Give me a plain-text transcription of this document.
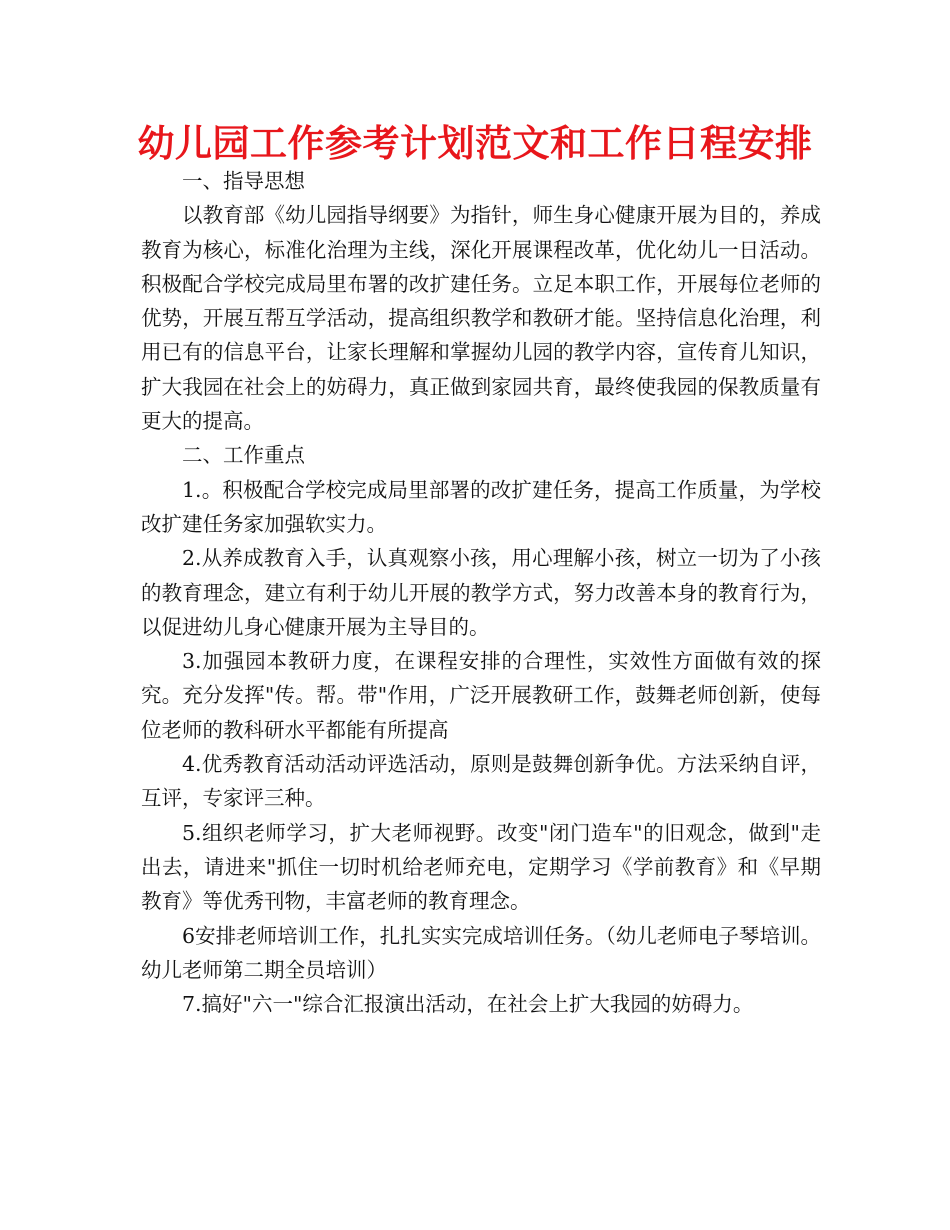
幼儿园工作参考计划范文和工作日程安排

一、指导思想

以教育部《幼儿园指导纲要》为指针，师生身心健康开展为目的，养成教育为核心，标准化治理为主线，深化开展课程改革，优化幼儿一日活动。积极配合学校完成局里布署的改扩建任务。立足本职工作，开展每位老师的优势，开展互帮互学活动，提高组织教学和教研才能。坚持信息化治理，利用已有的信息平台，让家长理解和掌握幼儿园的教学内容，宣传育儿知识，扩大我园在社会上的妨碍力，真正做到家园共育，最终使我园的保教质量有更大的提高。

二、工作重点

1.。积极配合学校完成局里部署的改扩建任务，提高工作质量，为学校改扩建任务家加强软实力。

2.从养成教育入手，认真观察小孩，用心理解小孩，树立一切为了小孩的教育理念，建立有利于幼儿开展的教学方式，努力改善本身的教育行为，以促进幼儿身心健康开展为主导目的。

3.加强园本教研力度，在课程安排的合理性，实效性方面做有效的探究。充分发挥"传。帮。带"作用，广泛开展教研工作，鼓舞老师创新，使每位老师的教科研水平都能有所提高

4.优秀教育活动活动评选活动，原则是鼓舞创新争优。方法采纳自评，互评，专家评三种。

5.组织老师学习，扩大老师视野。改变"闭门造车"的旧观念，做到"走出去，请进来"抓住一切时机给老师充电，定期学习《学前教育》和《早期教育》等优秀刊物，丰富老师的教育理念。

6安排老师培训工作，扎扎实实完成培训任务。（幼儿老师电子琴培训。幼儿老师第二期全员培训）

7.搞好"六一"综合汇报演出活动，在社会上扩大我园的妨碍力。
